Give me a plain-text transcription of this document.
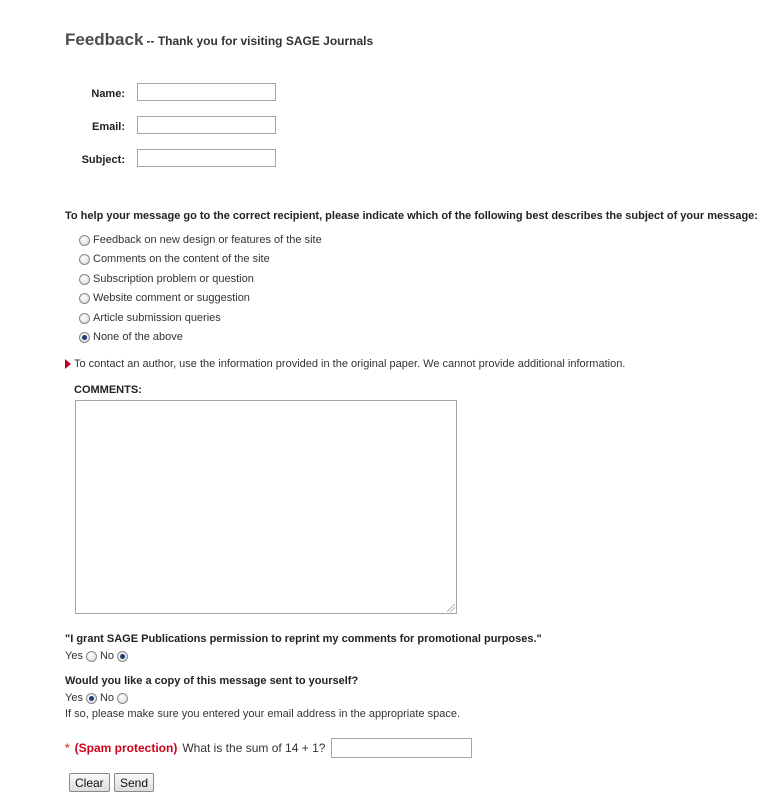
Feedback -- Thank you for visiting SAGE Journals
Name:
Email:
Subject:
To help your message go to the correct recipient, please indicate which of the following best describes the subject of your message:
Feedback on new design or features of the site
Comments on the content of the site
Subscription problem or question
Website comment or suggestion
Article submission queries
None of the above
To contact an author, use the information provided in the original paper. We cannot provide additional information.
COMMENTS:
"I grant SAGE Publications permission to reprint my comments for promotional purposes."
Yes No
Would you like a copy of this message sent to yourself?
Yes No
If so, please make sure you entered your email address in the appropriate space.
* (Spam protection) What is the sum of 14 + 1?
Clear	Send
